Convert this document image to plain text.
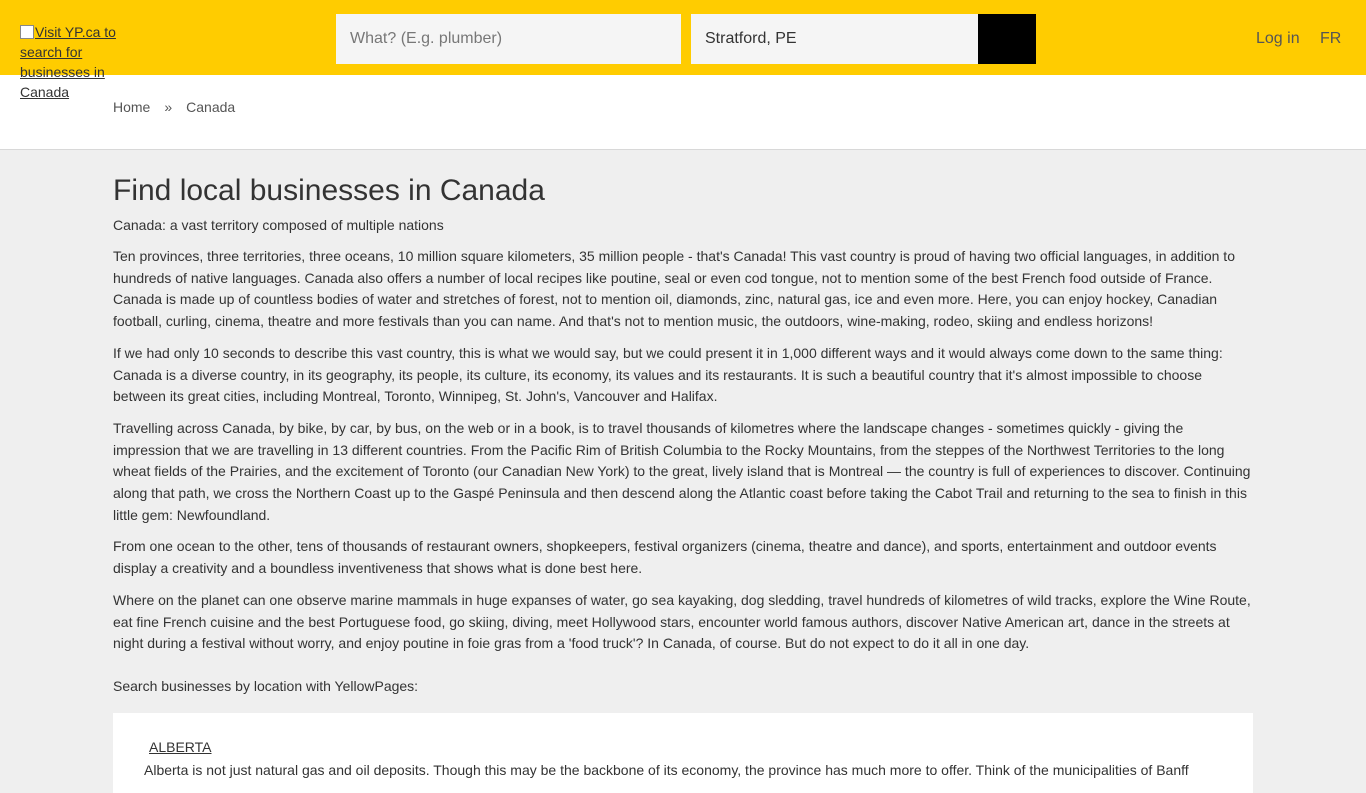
Visit YP.ca to search for businesses in Canada
What? (E.g. plumber)
Stratford, PE
Log in FR
Home » Canada
Find local businesses in Canada

Canada: a vast territory composed of multiple nations

Ten provinces, three territories, three oceans, 10 million square kilometers, 35 million people - that's Canada! This vast country is proud of having two official languages, in addition to hundreds of native languages. Canada also offers a number of local recipes like poutine, seal or even cod tongue, not to mention some of the best French food outside of France. Canada is made up of countless bodies of water and stretches of forest, not to mention oil, diamonds, zinc, natural gas, ice and even more. Here, you can enjoy hockey, Canadian football, curling, cinema, theatre and more festivals than you can name. And that's not to mention music, the outdoors, wine-making, rodeo, skiing and endless horizons!

If we had only 10 seconds to describe this vast country, this is what we would say, but we could present it in 1,000 different ways and it would always come down to the same thing: Canada is a diverse country, in its geography, its people, its culture, its economy, its values and its restaurants. It is such a beautiful country that it's almost impossible to choose between its great cities, including Montreal, Toronto, Winnipeg, St. John's, Vancouver and Halifax.

Travelling across Canada, by bike, by car, by bus, on the web or in a book, is to travel thousands of kilometres where the landscape changes - sometimes quickly - giving the impression that we are travelling in 13 different countries. From the Pacific Rim of British Columbia to the Rocky Mountains, from the steppes of the Northwest Territories to the long wheat fields of the Prairies, and the excitement of Toronto (our Canadian New York) to the great, lively island that is Montreal — the country is full of experiences to discover. Continuing along that path, we cross the Northern Coast up to the Gaspé Peninsula and then descend along the Atlantic coast before taking the Cabot Trail and returning to the sea to finish in this little gem: Newfoundland.

From one ocean to the other, tens of thousands of restaurant owners, shopkeepers, festival organizers (cinema, theatre and dance), and sports, entertainment and outdoor events display a creativity and a boundless inventiveness that shows what is done best here.

Where on the planet can one observe marine mammals in huge expanses of water, go sea kayaking, dog sledding, travel hundreds of kilometres of wild tracks, explore the Wine Route, eat fine French cuisine and the best Portuguese food, go skiing, diving, meet Hollywood stars, encounter world famous authors, discover Native American art, dance in the streets at night during a festival without worry, and enjoy poutine in foie gras from a 'food truck'? In Canada, of course. But do not expect to do it all in one day.

Search businesses by location with YellowPages:

ALBERTA

Alberta is not just natural gas and oil deposits. Though this may be the backbone of its economy, the province has much more to offer. Think of the municipalities of Banff
